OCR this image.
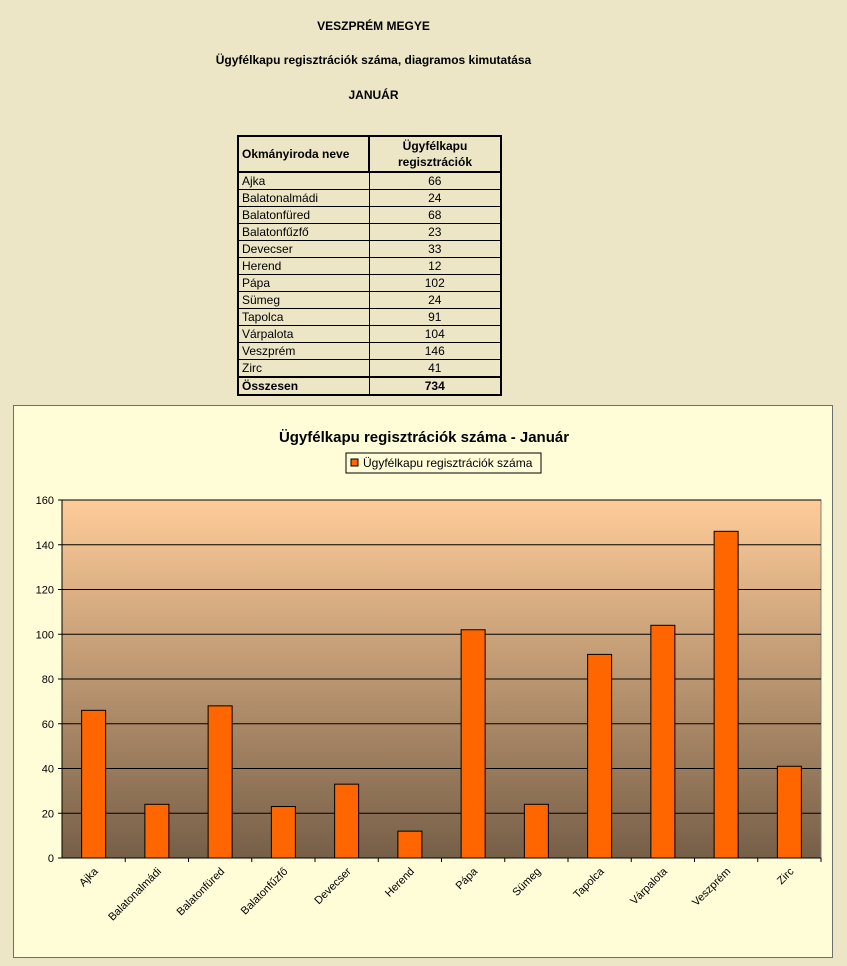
VESZPRÉM MEGYE
Ügyfélkapu regisztrációk száma, diagramos kimutatása
JANUÁR
Okmányiroda neve	Ügyfélkapu
regisztrációk
Ajka	66
Balatonalmádi	24
Balatonfüred	68
Balatonfűzfő	23
Devecser	33
Herend	12
Pápa	102
Sümeg	24
Tapolca	91
Várpalota	104
Veszprém	146
Zirc	41
Összesen	734
Ügyfélkapu regisztrációk száma - Január
Ügyfélkapu regisztrációk száma
0
20
40
60
80
100
120
140
160
Ajka Balatonalmádi Balatonfüred Balatonfűzfő Devecser	Herend	Pápa	Sümeg	Tapolca Várpalota Veszprém	Zirc
